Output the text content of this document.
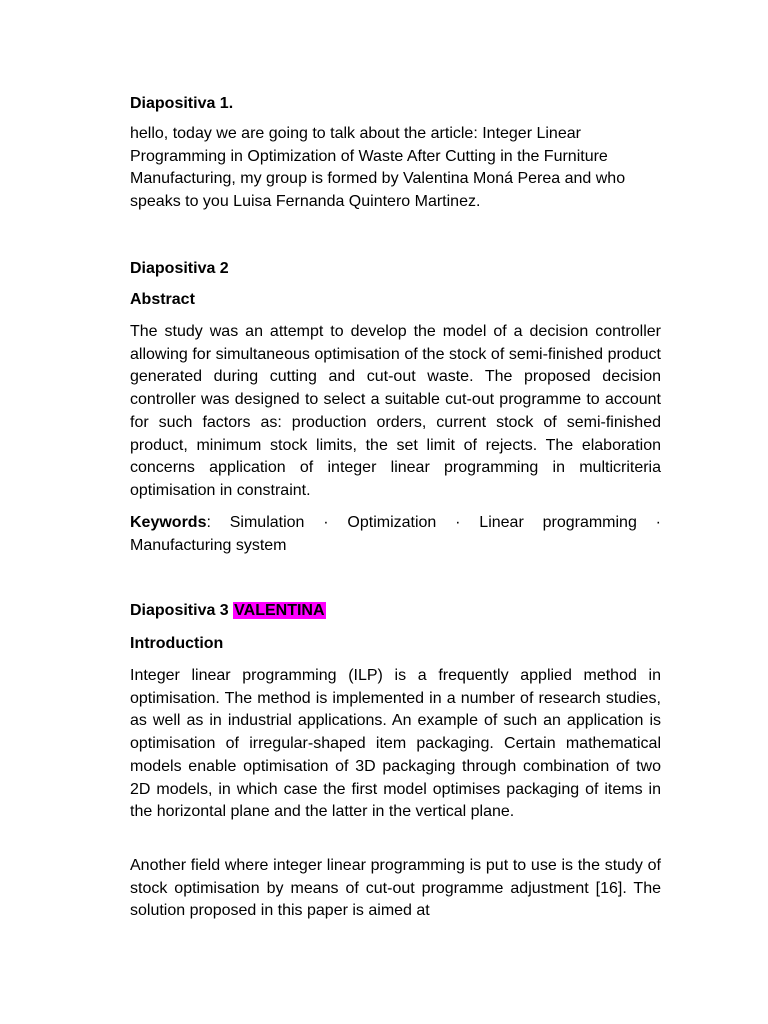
Diapositiva 1.
hello, today we are going to talk about the article: Integer Linear Programming in Optimization of Waste After Cutting in the Furniture Manufacturing, my group is formed by Valentina Moná Perea and who speaks to you Luisa Fernanda Quintero Martinez.
Diapositiva 2
Abstract
The study was an attempt to develop the model of a decision controller allowing for simultaneous optimisation of the stock of semi-finished product generated during cutting and cut-out waste. The proposed decision controller was designed to select a suitable cut-out programme to account for such factors as: production orders, current stock of semi-finished product, minimum stock limits, the set limit of rejects. The elaboration concerns application of integer linear programming in multicriteria optimisation in constraint.
Keywords: Simulation · Optimization · Linear programming · Manufacturing system
Diapositiva 3 VALENTINA
Introduction
Integer linear programming (ILP) is a frequently applied method in optimisation. The method is implemented in a number of research studies, as well as in industrial applications. An example of such an application is optimisation of irregular-shaped item packaging. Certain mathematical models enable optimisation of 3D packaging through combination of two 2D models, in which case the first model optimises packaging of items in the horizontal plane and the latter in the vertical plane.
Another field where integer linear programming is put to use is the study of stock optimisation by means of cut-out programme adjustment [16]. The solution proposed in this paper is aimed at
